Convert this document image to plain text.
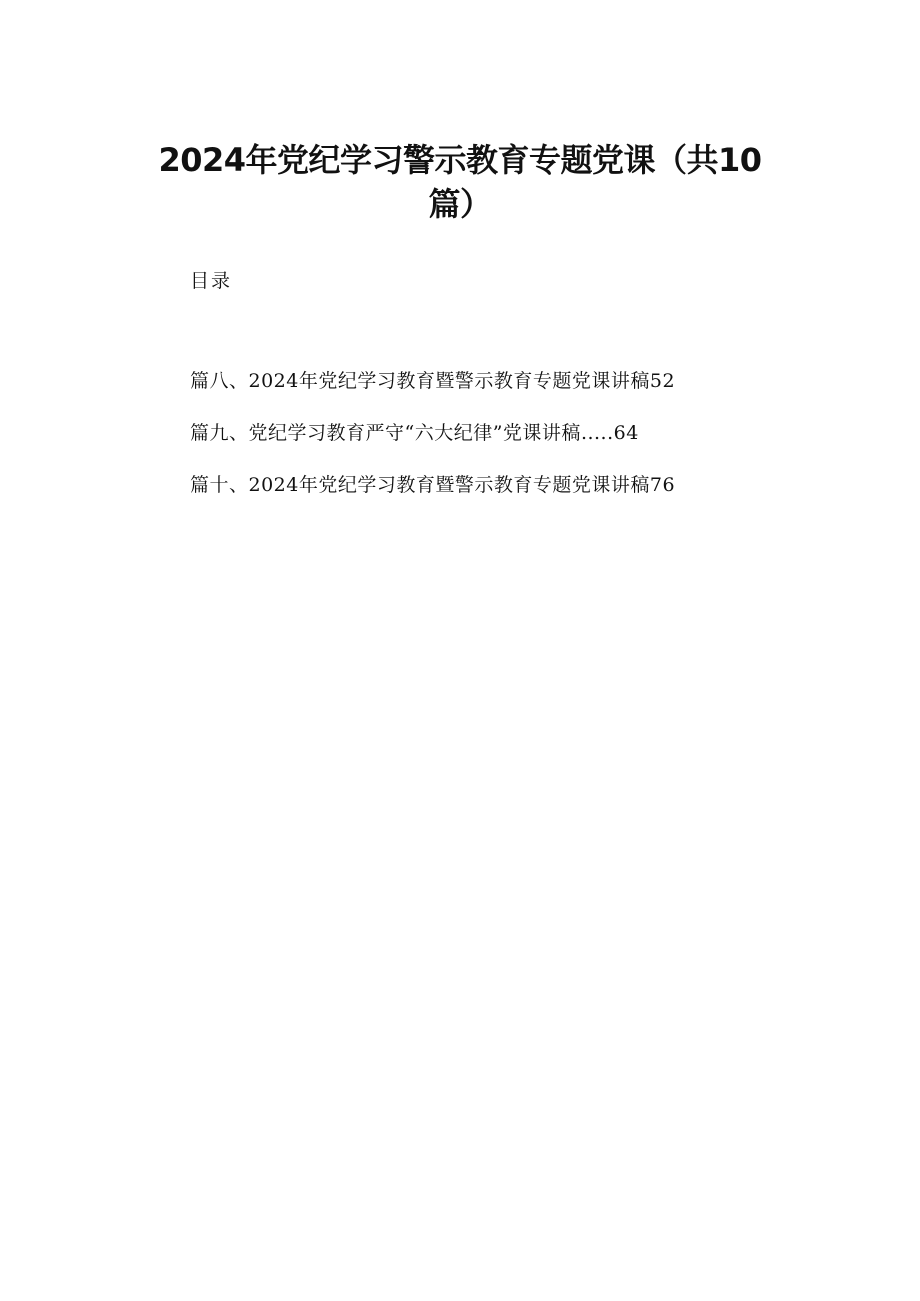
2024年党纪学习警示教育专题党课（共10篇）
目录
篇八、2024年党纪学习教育暨警示教育专题党课讲稿52
篇九、党纪学习教育严守“六大纪律”党课讲稿.....64
篇十、2024年党纪学习教育暨警示教育专题党课讲稿76
